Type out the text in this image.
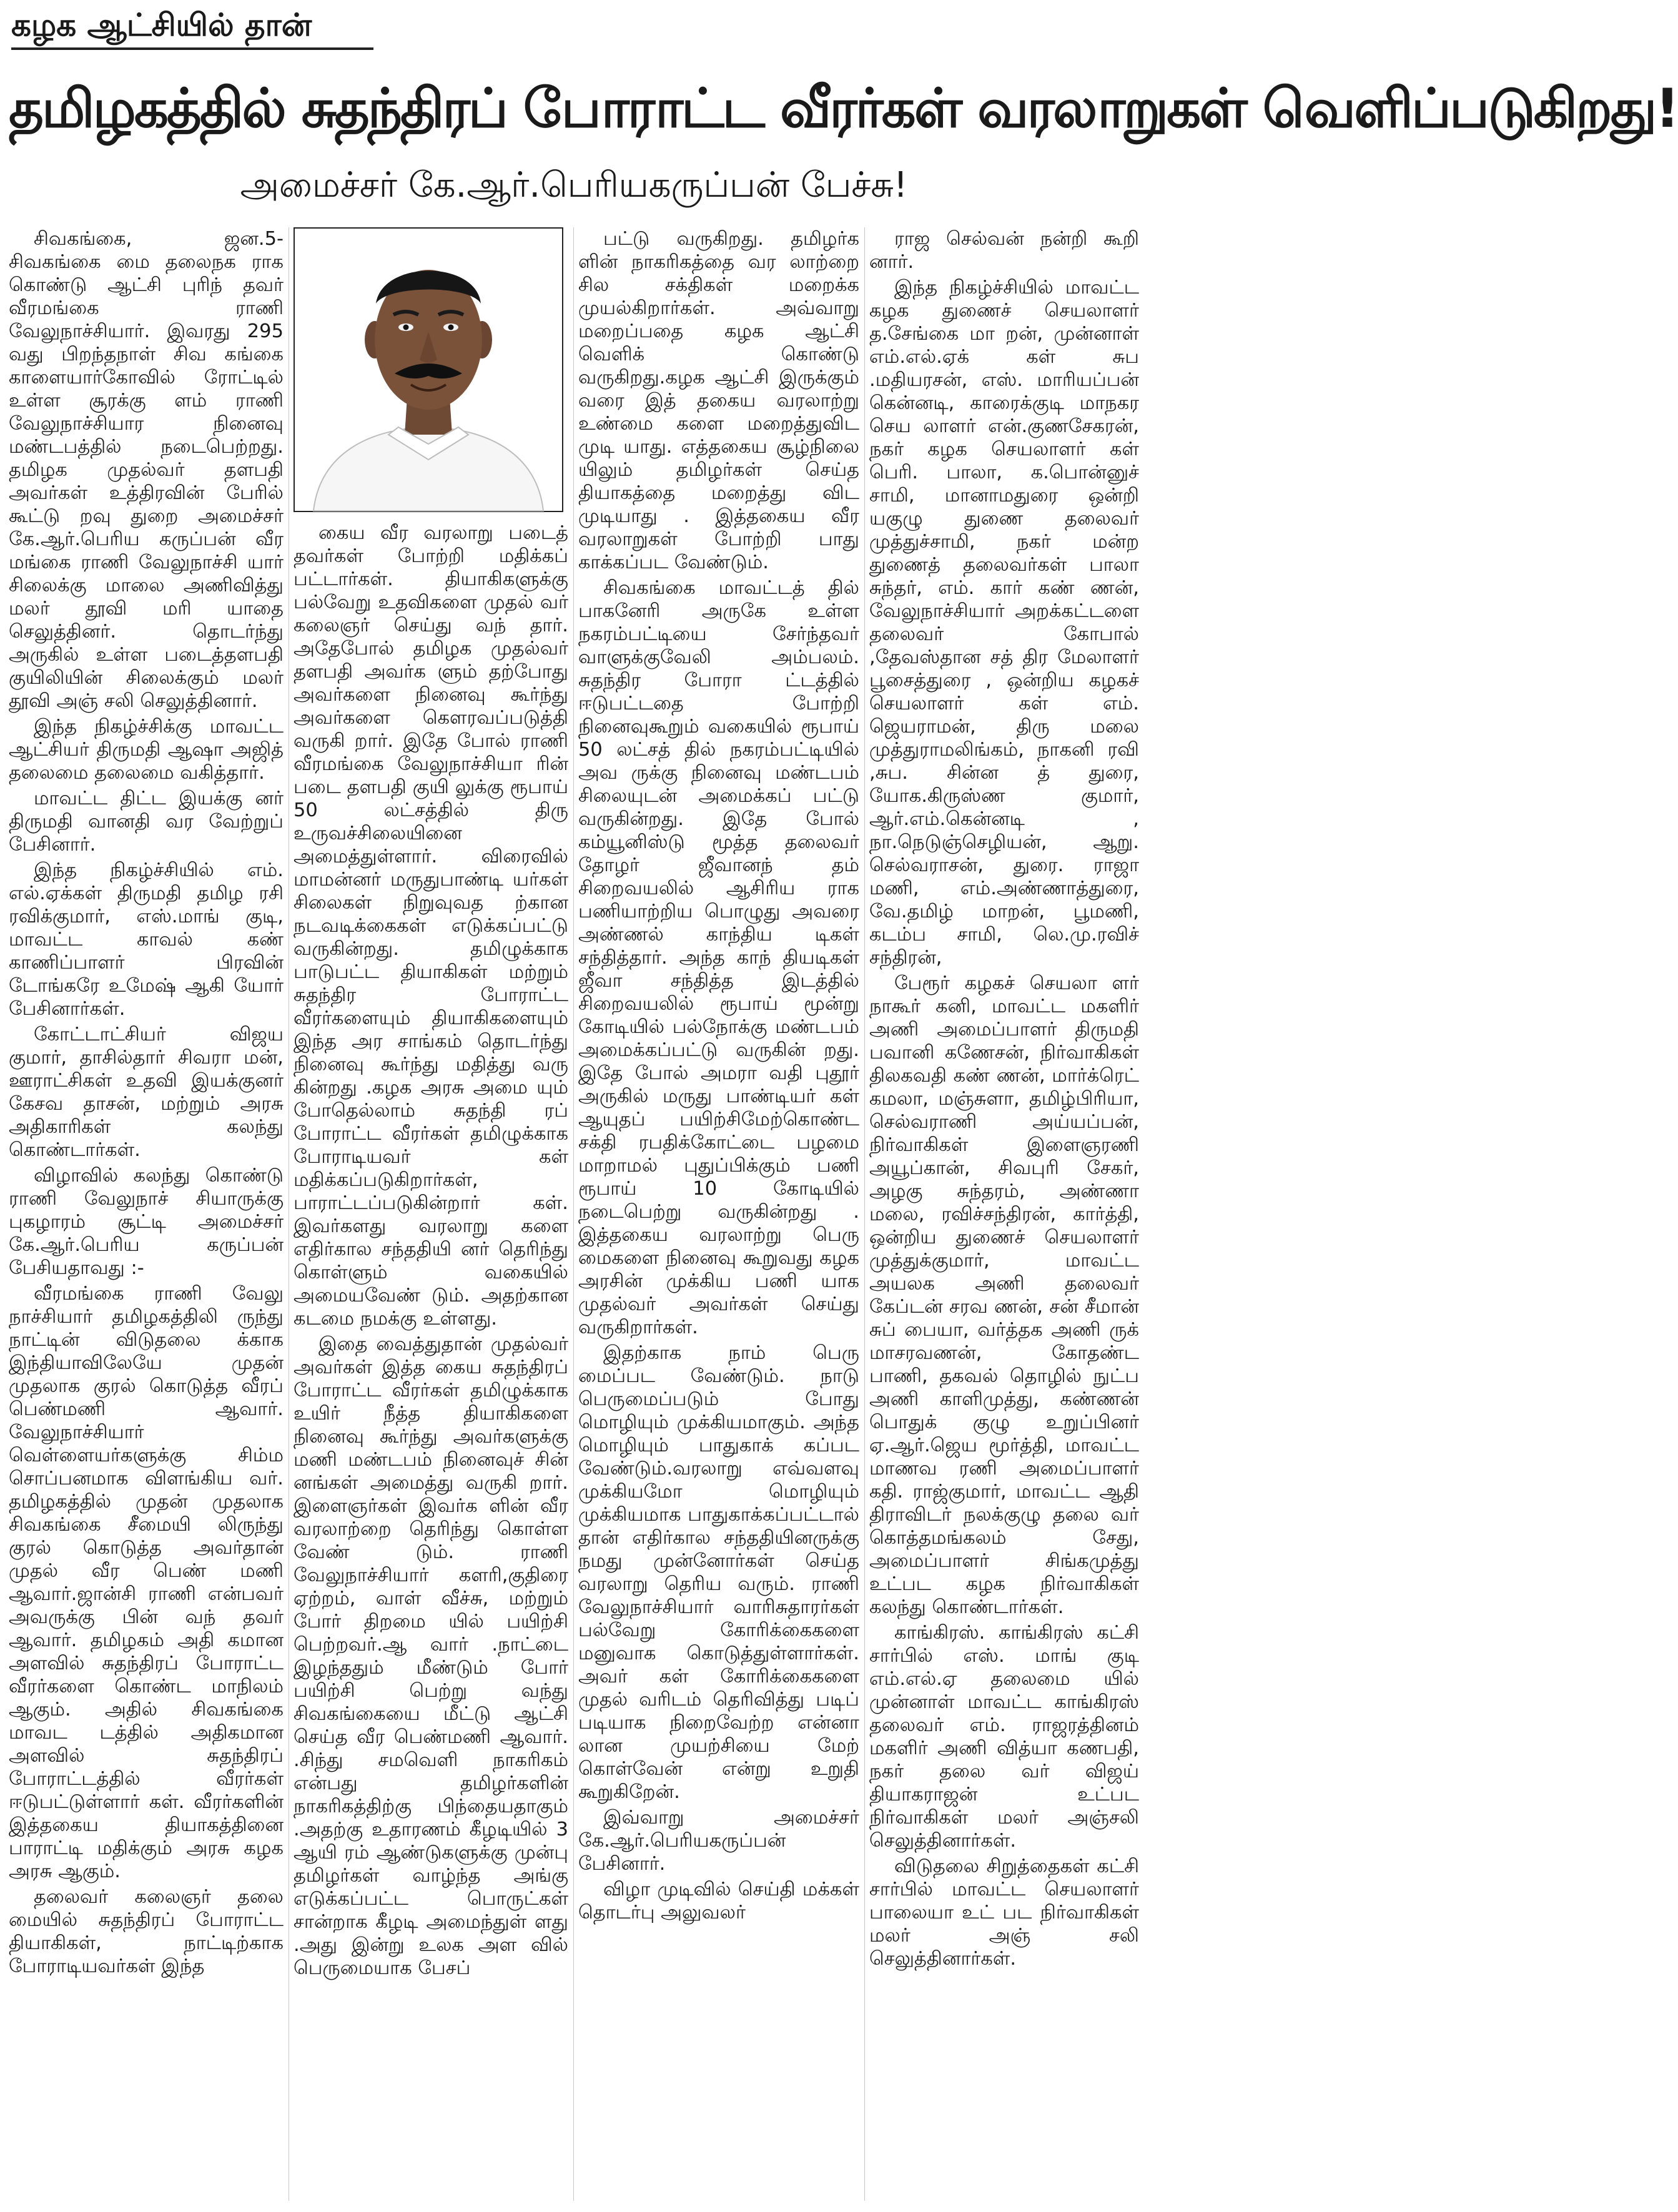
கழக ஆட்சியில் தான்
தமிழகத்தில் சுதந்திரப் போராட்ட வீரர்கள் வரலாறுகள் வெளிப்படுகிறது!
அமைச்சர் கே.ஆர்.பெரியகருப்பன் பேச்சு!

சிவகங்கை, ஜன.5- சிவகங்கை மை தலைநக ராக கொண்டு ஆட்சி புரிந் தவர் வீரமங்கை ராணி வேலுநாச்சியார். இவரது 295 வது பிறந்தநாள் சிவ கங்கை காளையார்கோவில் ரோட்டில் உள்ள சூரக்கு ளம் ராணி வேலுநாச்சியார நினைவு மண்டபத்தில் நடைபெற்றது. தமிழக முதல்வர் தளபதி அவர்கள் உத்திரவின் பேரில் கூட்டு றவு துறை அமைச்சர் கே.ஆர்.பெரிய கருப்பன் வீர மங்கை ராணி வேலுநாச்சி யார் சிலைக்கு மாலை அணிவித்து மலர் தூவி மரி யாதை செலுத்தினர். தொடர்ந்து அருகில் உள்ள படைத்தளபதி குயிலியின் சிலைக்கும் மலர் தூவி அஞ் சலி செலுத்தினார்.

இந்த நிகழ்ச்சிக்கு மாவட்ட ஆட்சியர் திருமதி ஆஷா அஜித் தலைமை தலைமை வகித்தார்.

மாவட்ட திட்ட இயக்கு னர் திருமதி வானதி வர வேற்றுப் பேசினார்.

இந்த நிகழ்ச்சியில் எம். எல்.ஏக்கள் திருமதி தமிழ ரசி ரவிக்குமார், எஸ்.மாங் குடி, மாவட்ட காவல் கண் காணிப்பாளர் பிரவின் டோங்கரே உமேஷ் ஆகி யோர் பேசினார்கள்.

கோட்டாட்சியர் விஜய குமார், தாசில்தார் சிவரா மன், ஊராட்சிகள் உதவி இயக்குனர் கேசவ தாசன், மற்றும் அரசு அதிகாரிகள் கலந்து கொண்டார்கள்.

விழாவில் கலந்து கொண்டு ராணி வேலுநாச் சியாருக்கு புகழாரம் சூட்டி அமைச்சர் கே.ஆர்.பெரிய கருப்பன் பேசியதாவது :-

வீரமங்கை ராணி வேலு நாச்சியார் தமிழகத்திலி ருந்து நாட்டின் விடுதலை க்காக இந்தியாவிலேயே முதன் முதலாக குரல் கொடுத்த வீரப் பெண்மணி ஆவார். வேலுநாச்சியார் வெள்ளையர்களுக்கு சிம்ம சொப்பனமாக விளங்கிய வர். தமிழகத்தில் முதன் முதலாக சிவகங்கை சீமையி லிருந்து குரல் கொடுத்த அவர்தான் முதல் வீர பெண் மணி ஆவார்.ஜான்சி ராணி என்பவர் அவருக்கு பின் வந் தவர் ஆவார். தமிழகம் அதி கமான அளவில் சுதந்திரப் போராட்ட வீரர்களை கொண்ட மாநிலம் ஆகும். அதில் சிவகங்கை மாவட டத்தில் அதிகமான அளவில் சுதந்திரப் போராட்டத்தில் வீரர்கள் ஈடுபட்டுள்ளார் கள். வீரர்களின் இத்தகைய தியாகத்தினை பாராட்டி மதிக்கும் அரசு கழக அரசு ஆகும்.

தலைவர் கலைஞர் தலை மையில் சுதந்திரப் போராட்ட தியாகிகள், நாட்டிற்காக போராடியவர்கள் இந்த

கைய வீர வரலாறு படைத் தவர்கள் போற்றி மதிக்கப் பட்டார்கள். தியாகிகளுக்கு பல்வேறு உதவிகளை முதல் வர் கலைஞர் செய்து வந் தார். அதேபோல் தமிழக முதல்வர் தளபதி அவர்க ளும் தற்போது அவர்களை நினைவு கூர்ந்து அவர்களை கௌரவப்படுத்தி வருகி றார். இதே போல் ராணி வீரமங்கை வேலுநாச்சியா ரின் படை தளபதி குயி லுக்கு ரூபாய் 50 லட்சத்தில் திரு உருவச்சிலையினை அமைத்துள்ளார். விரைவில் மாமன்னர் மருதுபாண்டி யர்கள் சிலைகள் நிறுவுவத ற்கான நடவடிக்கைகள் எடுக்கப்பட்டு வருகின்றது. தமிழுக்காக பாடுபட்ட தியாகிகள் மற்றும் சுதந்திர போராட்ட வீரர்களையும் தியாகிகளையும் இந்த அர சாங்கம் தொடர்ந்து நினைவு கூர்ந்து மதித்து வரு கின்றது .கழக அரசு அமை யும் போதெல்லாம் சுதந்தி ரப் போராட்ட வீரர்கள் தமிழுக்காக போராடியவர் கள் மதிக்கப்படுகிறார்கள், பாராட்டப்படுகின்றார் கள். இவர்களது வரலாறு களை எதிர்கால சந்ததியி னர் தெரிந்து கொள்ளும் வகையில் அமையவேண் டும். அதற்கான கடமை நமக்கு உள்ளது.

இதை வைத்துதான் முதல்வர் அவர்கள் இத்த கைய சுதந்திரப் போராட்ட வீரர்கள் தமிழுக்காக உயிர் நீத்த தியாகிகளை நினைவு கூர்ந்து அவர்களுக்கு மணி மண்டபம் நினைவுச் சின் னங்கள் அமைத்து வருகி றார். இளைஞர்கள் இவர்க ளின் வீர வரலாற்றை தெரிந்து கொள்ள வேண் டும். ராணி வேலுநாச்சியார் களரி,குதிரை ஏற்றம், வாள் வீச்சு, மற்றும் போர் திறமை யில் பயிற்சி பெற்றவர்.ஆ வார் .நாட்டை இழந்ததும் மீண்டும் போர் பயிற்சி பெற்று வந்து சிவகங்கையை மீட்டு ஆட்சி செய்த வீர பெண்மணி ஆவார். .சிந்து சமவெளி நாகரிகம் என்பது தமிழர்களின் நாகரிகத்திற்கு பிந்தையதாகும் .அதற்கு உதாரணம் கீழடியில் 3 ஆயி ரம் ஆண்டுகளுக்கு முன்பு தமிழர்கள் வாழ்ந்த அங்கு எடுக்கப்பட்ட பொருட்கள் சான்றாக கீழடி அமைந்துள் ளது .அது இன்று உலக அள வில் பெருமையாக பேசப்

பட்டு வருகிறது. தமிழர்க ளின் நாகரிகத்தை வர லாற்றை சில சக்திகள் மறைக்க முயல்கிறார்கள். அவ்வாறு மறைப்பதை கழக ஆட்சி வெளிக் கொண்டு வருகிறது.கழக ஆட்சி இருக்கும் வரை இத் தகைய வரலாற்று உண்மை களை மறைத்துவிட முடி யாது. எத்தகைய சூழ்நிலை யிலும் தமிழர்கள் செய்த தியாகத்தை மறைத்து விட முடியாது . இத்தகைய வீர வரலாறுகள் போற்றி பாது காக்கப்பட வேண்டும்.

சிவகங்கை மாவட்டத் தில் பாகனேரி அருகே உள்ள நகரம்பட்டியை சேர்ந்தவர் வாளுக்குவேலி அம்பலம். சுதந்திர போரா ட்டத்தில் ஈடுபட்டதை போற்றி நினைவுகூறும் வகையில் ரூபாய் 50 லட்சத் தில் நகரம்பட்டியில் அவ ருக்கு நினைவு மண்டபம் சிலையுடன் அமைக்கப் பட்டு வருகின்றது. இதே போல் கம்யூனிஸ்டு மூத்த தலைவர் தோழர் ஜீவானந் தம் சிறைவயலில் ஆசிரிய ராக பணியாற்றிய பொழுது அவரை அண்ணல் காந்திய டிகள் சந்தித்தார். அந்த காந் தியடிகள் ஜீவா சந்தித்த இடத்தில் சிறைவயலில் ரூபாய் மூன்று கோடியில் பல்நோக்கு மண்டபம் அமைக்கப்பட்டு வருகின் றது. இதே போல் அமரா வதி புதூர் அருகில் மருது பாண்டியர் கள் ஆயுதப் பயிற்சிமேற்கொண்ட சக்தி ரபதிக்கோட்டை பழமை மாறாமல் புதுப்பிக்கும் பணி ரூபாய் 10 கோடியில் நடைபெற்று வருகின்றது . இத்தகைய வரலாற்று பெரு மைகளை நினைவு கூறுவது கழக அரசின் முக்கிய பணி யாக முதல்வர் அவர்கள் செய்து வருகிறார்கள்.

இதற்காக நாம் பெரு மைப்பட வேண்டும். நாடு பெருமைப்படும் போது மொழியும் முக்கியமாகும். அந்த மொழியும் பாதுகாக் கப்பட வேண்டும்.வரலாறு எவ்வளவு முக்கியமோ மொழியும் முக்கியமாக பாதுகாக்கப்பட்டால் தான் எதிர்கால சந்ததியினருக்கு நமது முன்னோர்கள் செய்த வரலாறு தெரிய வரும். ராணி வேலுநாச்சியார் வாரிசுதாரர்கள் பல்வேறு கோரிக்கைகளை மனுவாக கொடுத்துள்ளார்கள். அவர் கள் கோரிக்கைகளை முதல் வரிடம் தெரிவித்து படிப் படியாக நிறைவேற்ற என்னா லான முயற்சியை மேற் கொள்வேன் என்று உறுதி கூறுகிறேன்.

இவ்வாறு அமைச்சர் கே.ஆர்.பெரியகருப்பன் பேசினார்.

விழா முடிவில் செய்தி மக்கள் தொடர்பு அலுவலர்

ராஜ செல்வன் நன்றி கூறி னார்.

இந்த நிகழ்ச்சியில் மாவட்ட கழக துணைச் செயலாளர் த.சேங்கை மா றன், முன்னாள் எம்.எல்.ஏக் கள் சுப .மதியரசன், எஸ். மாரியப்பன் கென்னடி, காரைக்குடி மாநகர செய லாளர் என்.குணசேகரன், நகர் கழக செயலாளர் கள் பெரி. பாலா, க.பொன்னுச் சாமி, மானாமதுரை ஒன்றி யகுழு துணை தலைவர் முத்துச்சாமி, நகர் மன்ற துணைத் தலைவர்கள் பாலா சுந்தர், எம். கார் கண் ணன், வேலுநாச்சியார் அறக்கட்டளை தலைவர் கோபால் ,தேவஸ்தான சத் திர மேலாளர் பூசைத்துரை , ஒன்றிய கழகச் செயலாளர் கள் எம். ஜெயராமன், திரு மலை முத்துராமலிங்கம், நாகனி ரவி ,சுப. சின்ன த் துரை, யோக.கிருஸ்ண குமார், ஆர்.எம்.கென்னடி , நா.நெடுஞ்செழியன், ஆறு. செல்வராசன், துரை. ராஜா மணி, எம்.அண்ணாத்துரை, வே.தமிழ் மாறன், பூமணி, கடம்ப சாமி, லெ.மு.ரவிச் சந்திரன்,

பேரூர் கழகச் செயலா ளர் நாகூர் கனி, மாவட்ட மகளிர் அணி அமைப்பாளர் திருமதி பவானி கணேசன், நிர்வாகிகள் திலகவதி கண் ணன், மார்க்ரெட் கமலா, மஞ்சுளா, தமிழ்பிரியா, செல்வராணி அய்யப்பன், நிர்வாகிகள் இளைஞரணி அயூப்கான், சிவபுரி சேகர், அழகு சுந்தரம், அண்ணா மலை, ரவிச்சந்திரன், கார்த்தி, ஒன்றிய துணைச் செயலாளர் முத்துக்குமார், மாவட்ட அயலக அணி தலைவர் கேப்டன் சரவ ணன், சன் சீமான் சுப் பையா, வர்த்தக அணி ருக் மாசரவணன், கோதண்ட பாணி, தகவல் தொழில் நுட்ப அணி காளிமுத்து, கண்ணன் பொதுக் குழு உறுப்பினர் ஏ.ஆர்.ஜெய மூர்த்தி, மாவட்ட மாணவ ரணி அமைப்பாளர் கதி. ராஜ்குமார், மாவட்ட ஆதி திராவிடர் நலக்குழு தலை வர் கொத்தமங்கலம் சேது, அமைப்பாளர் சிங்கமுத்து உட்பட கழக நிர்வாகிகள் கலந்து கொண்டார்கள்.

காங்கிரஸ். காங்கிரஸ் கட்சி சார்பில் எஸ். மாங் குடி எம்.எல்.ஏ தலைமை யில் முன்னாள் மாவட்ட காங்கிரஸ் தலைவர் எம். ராஜரத்தினம் மகளிர் அணி வித்யா கணபதி, நகர் தலை வர் விஜய் தியாகராஜன் உட்பட நிர்வாகிகள் மலர் அஞ்சலி செலுத்தினார்கள்.

விடுதலை சிறுத்தைகள் கட்சி சார்பில் மாவட்ட செயலாளர் பாலையா உட் பட நிர்வாகிகள் மலர் அஞ் சலி செலுத்தினார்கள்.
